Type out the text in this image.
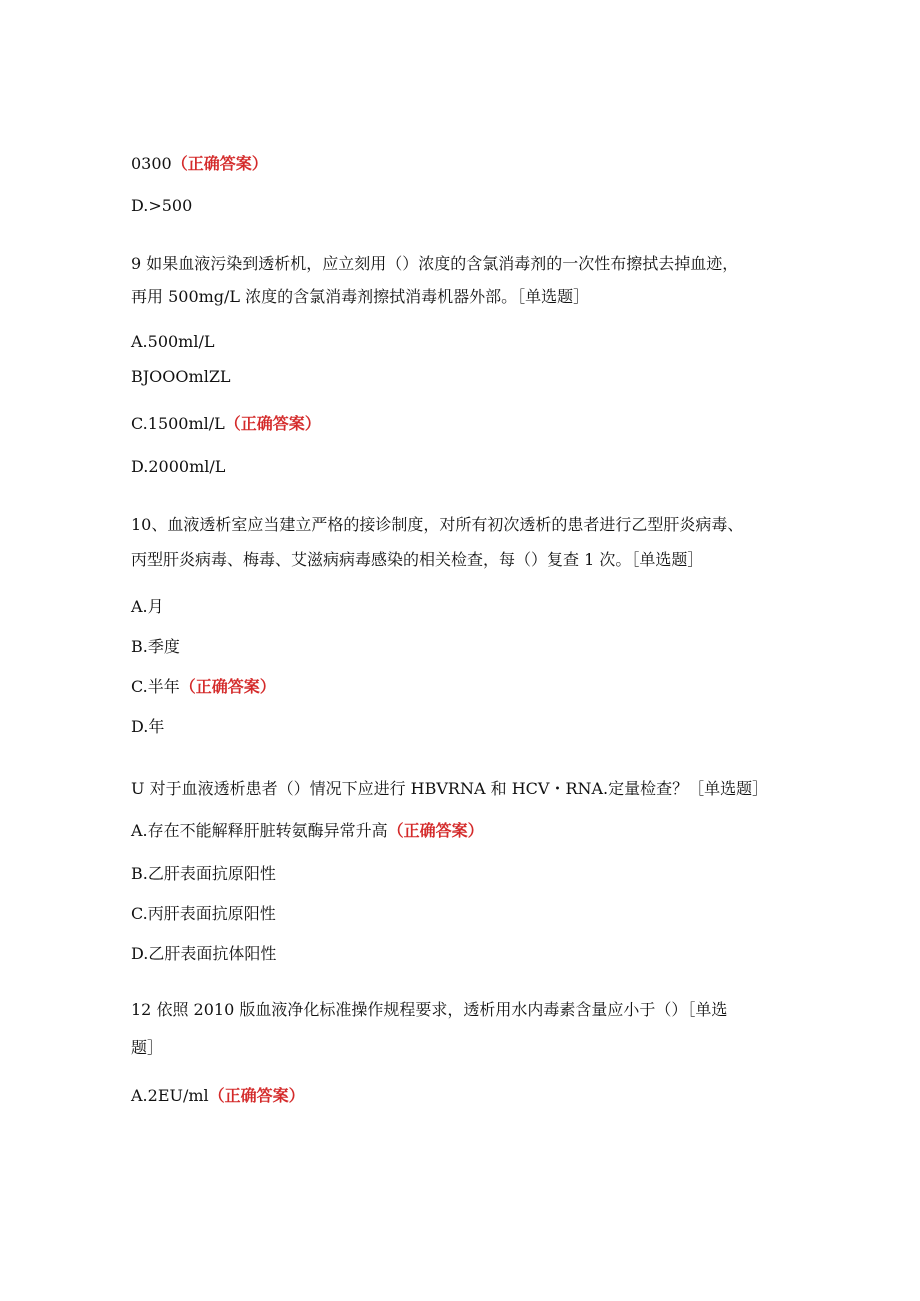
0300（正确答案）

D.>500

9 如果血液污染到透析机，应立刻用（）浓度的含氯消毒剂的一次性布擦拭去掉血迹，

再用 500mg/L 浓度的含氯消毒剂擦拭消毒机器外部。［单选题］

A.500ml/L

BJOOOmlZL

C.1500ml/L（正确答案）

D.2000ml/L

10、血液透析室应当建立严格的接诊制度，对所有初次透析的患者进行乙型肝炎病毒、

丙型肝炎病毒、梅毒、艾滋病病毒感染的相关检查，每（）复查 1 次。［单选题］

A.月

B.季度

C.半年（正确答案）

D.年

U 对于血液透析患者（）情况下应进行 HBVRNA 和 HCV・RNA.定量检查？［单选题］

A.存在不能解释肝脏转氨酶异常升高（正确答案）

B.乙肝表面抗原阳性

C.丙肝表面抗原阳性

D.乙肝表面抗体阳性

12 依照 2010 版血液净化标准操作规程要求，透析用水内毒素含量应小于（）［单选

题］

A.2EU/ml（正确答案）
